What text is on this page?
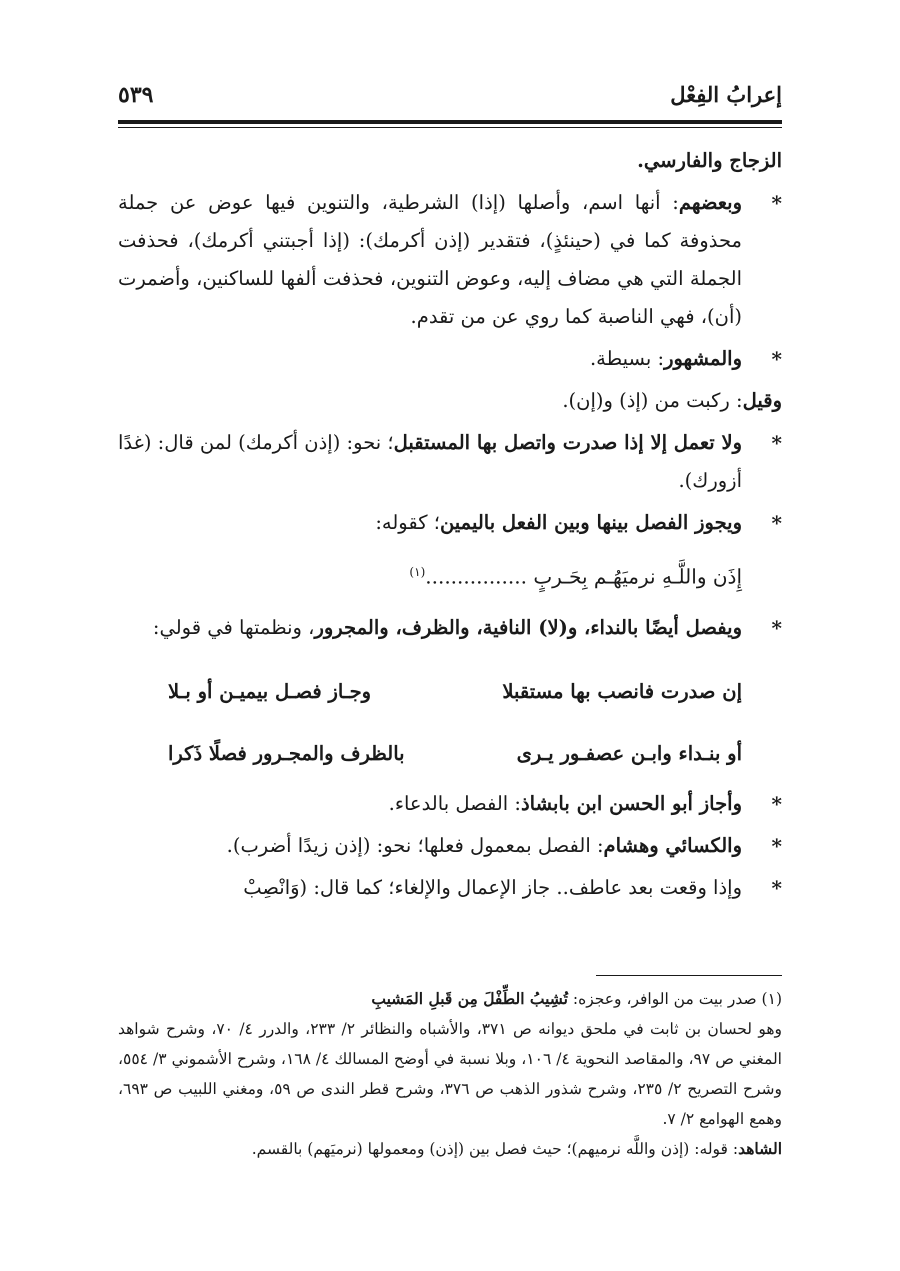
إعرابُ الفِعْل
٥٣٩

الزجاج والفارسي.

*
وبعضهم: أنها اسم، وأصلها (إذا) الشرطية، والتنوين فيها عوض عن جملة محذوفة كما في (حينئذٍ)، فتقدير (إذن أكرمك): (إذا أجبتني أكرمك)، فحذفت الجملة التي هي مضاف إليه، وعوض التنوين، فحذفت ألفها للساكنين، وأضمرت (أن)، فهي الناصبة كما روي عن من تقدم.

*
والمشهور: بسيطة.

وقيل: ركبت من (إذ) و(إن).

*
ولا تعمل إلا إذا صدرت واتصل بها المستقبل؛ نحو: (إذن أكرمك) لمن قال: (غدًا أزورك).

*
ويجوز الفصل بينها وبين الفعل باليمين؛ كقوله:

إِذَن واللَّـهِ نرميَهُـم بِحَـربٍ ................$^{(١)}$

*
ويفصل أيضًا بالنداء، و(لا) النافية، والظرف، والمجرور، ونظمتها في قولي:

إن صدرت فانصب بها مستقبلا
وجـاز فصـل بيميـن أو بـلا
أو بنـداء وابـن عصفـور يـرى
بالظرف والمجـرور فصلًا ذَكرا

*
وأجاز أبو الحسن ابن بابشاذ: الفصل بالدعاء.

*
والكسائي وهشام: الفصل بمعمول فعلها؛ نحو: (إذن زيدًا أضرب).

*
وإذا وقعت بعد عاطف.. جاز الإعمال والإلغاء؛ كما قال: (وَانْصِبْ

(١) صدر بيت من الوافر، وعجزه: تُشِيبُ الطِّفْلَ مِن قَبلِ المَشيبِ

وهو لحسان بن ثابت في ملحق ديوانه ص ٣٧١، والأشباه والنظائر ٢/ ٢٣٣، والدرر ٤/ ٧٠، وشرح شواهد المغني ص ٩٧، والمقاصد النحوية ٤/ ١٠٦، وبلا نسبة في أوضح المسالك ٤/ ١٦٨، وشرح الأشموني ٣/ ٥٥٤، وشرح التصريح ٢/ ٢٣٥، وشرح شذور الذهب ص ٣٧٦، وشرح قطر الندى ص ٥٩، ومغني اللبيب ص ٦٩٣، وهمع الهوامع ٢/ ٧.

الشاهد: قوله: (إذن واللَّه نرميهم)؛ حيث فصل بين (إذن) ومعمولها (نرميَهم) بالقسم.
